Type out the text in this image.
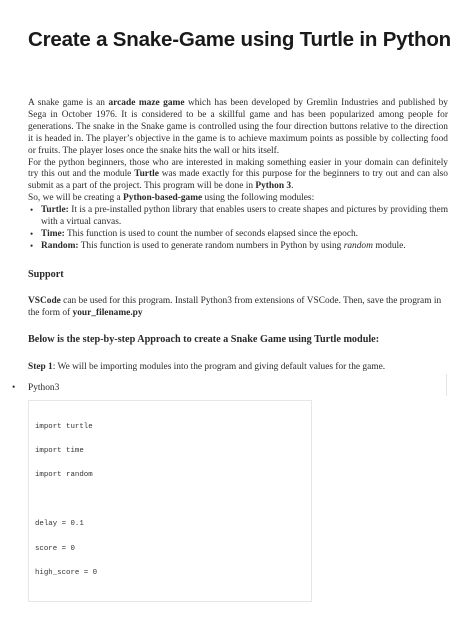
Create a Snake-Game using Turtle in Python

A snake game is an arcade maze game which has been developed by Gremlin Industries and published by Sega in October 1976. It is considered to be a skillful game and has been popularized among people for generations. The snake in the Snake game is controlled using the four direction buttons relative to the direction it is headed in. The player’s objective in the game is to achieve maximum points as possible by collecting food or fruits. The player loses once the snake hits the wall or hits itself.

For the python beginners, those who are interested in making something easier in your domain can definitely try this out and the module Turtle was made exactly for this purpose for the beginners to try out and can also submit as a part of the project. This program will be done in Python 3.

So, we will be creating a Python-based-game using the following modules:

• Turtle: It is a pre-installed python library that enables users to create shapes and pictures by providing them with a virtual canvas.
• Time: This function is used to count the number of seconds elapsed since the epoch.
• Random: This function is used to generate random numbers in Python by using random module.
Support

VSCode can be used for this program. Install Python3 from extensions of VSCode. Then, save the program in the form of your_filename.py

Below is the step-by-step Approach to create a Snake Game using Turtle module:

Step 1: We will be importing modules into the program and giving default values for the game.

• Python3
import turtle
import time
import random
delay = 0.1
score = 0
high_score = 0
